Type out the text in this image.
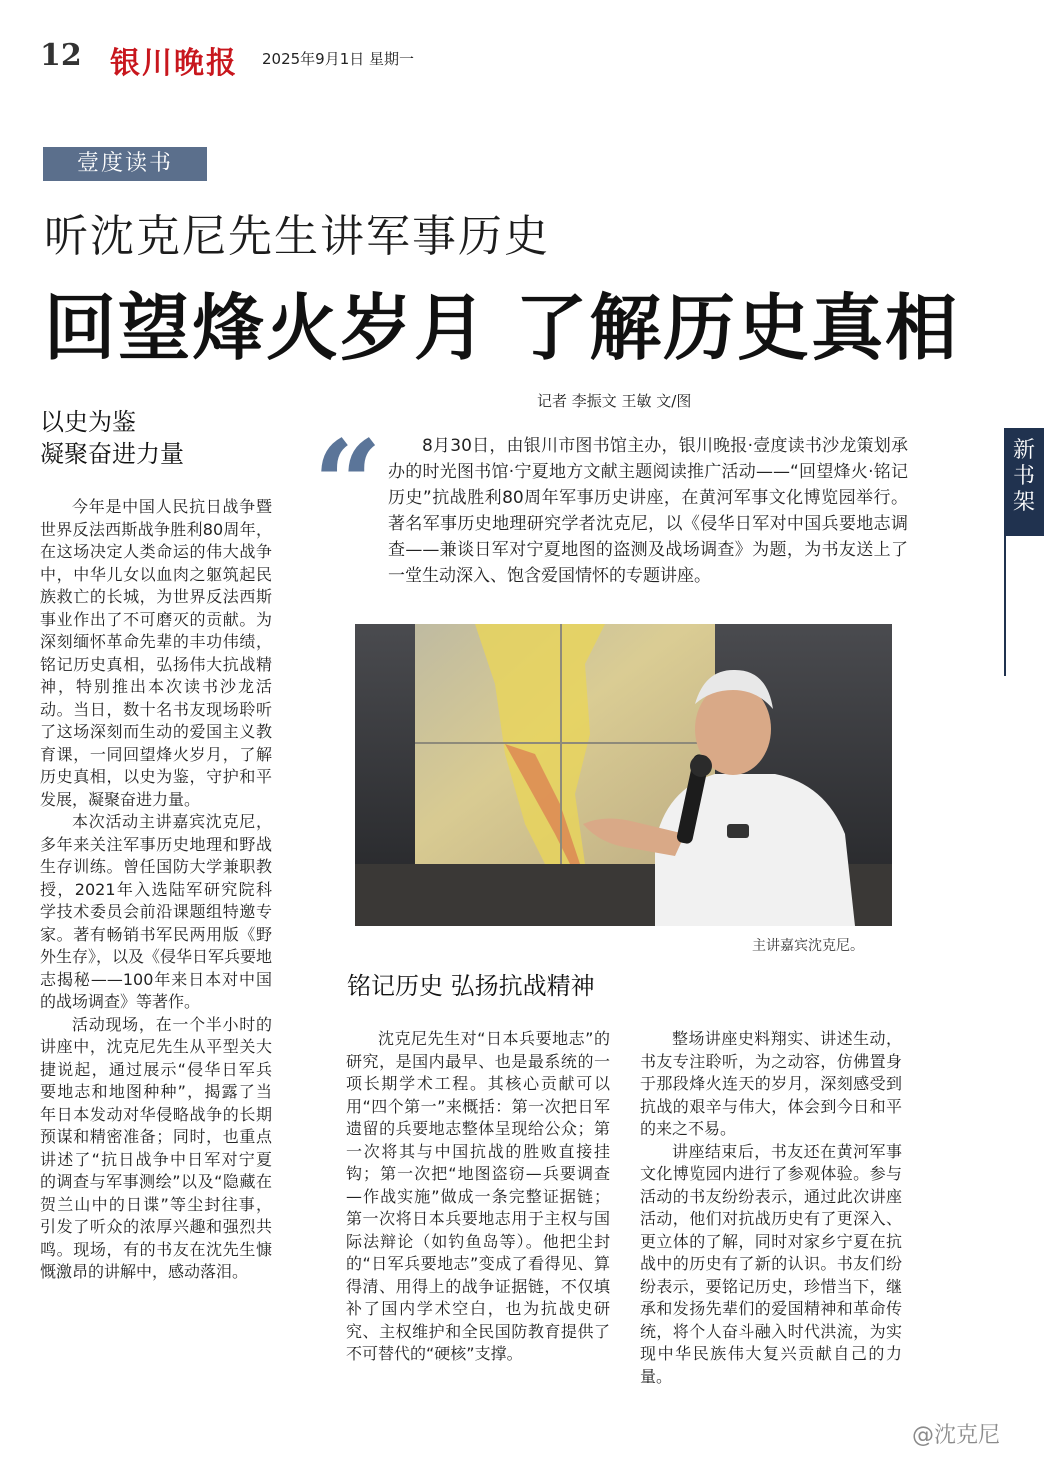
12 银川晚报 2025年9月1日 星期一
壹度读书
听沈克尼先生讲军事历史
回望烽火岁月 了解历史真相
以史为鉴
凝聚奋进力量
记者 李振文 王敏 文/图
“	8月30日，由银川市图书馆主办，银川晚报·壹度读书沙龙策划承办的时光图书馆·宁夏地方文献主题阅读推广活动——“回望烽火·铭记历史”抗战胜利80周年军事历史讲座，在黄河军事文化博览园举行。著名军事历史地理研究学者沈克尼，以《侵华日军对中国兵要地志调查——兼谈日军对宁夏地图的盗测及战场调查》为题，为书友送上了一堂生动深入、饱含爱国情怀的专题讲座。

新书架

今年是中国人民抗日战争暨世界反法西斯战争胜利80周年，在这场决定人类命运的伟大战争中，中华儿女以血肉之躯筑起民族救亡的长城，为世界反法西斯事业作出了不可磨灭的贡献。为深刻缅怀革命先辈的丰功伟绩，铭记历史真相，弘扬伟大抗战精神，特别推出本次读书沙龙活动。当日，数十名书友现场聆听了这场深刻而生动的爱国主义教育课，一同回望烽火岁月，了解历史真相，以史为鉴，守护和平发展，凝聚奋进力量。

本次活动主讲嘉宾沈克尼，多年来关注军事历史地理和野战生存训练。曾任国防大学兼职教授，2021年入选陆军研究院科学技术委员会前沿课题组特邀专家。著有畅销书军民两用版《野外生存》，以及《侵华日军兵要地志揭秘——100年来日本对中国的战场调查》等著作。

活动现场，在一个半小时的讲座中，沈克尼先生从平型关大捷说起，通过展示“侵华日军兵要地志和地图种种”，揭露了当年日本发动对华侵略战争的长期预谋和精密准备；同时，也重点讲述了“抗日战争中日军对宁夏的调查与军事测绘”以及“隐藏在贺兰山中的日谍”等尘封往事，引发了听众的浓厚兴趣和强烈共鸣。现场，有的书友在沈先生慷慨激昂的讲解中，感动落泪。

主讲嘉宾沈克尼。
铭记历史 弘扬抗战精神

沈克尼先生对“日本兵要地志”的研究，是国内最早、也是最系统的一项长期学术工程。其核心贡献可以用“四个第一”来概括：第一次把日军遗留的兵要地志整体呈现给公众；第一次将其与中国抗战的胜败直接挂钩；第一次把“地图盗窃—兵要调查—作战实施”做成一条完整证据链；第一次将日本兵要地志用于主权与国际法辩论（如钓鱼岛等）。他把尘封的“日军兵要地志”变成了看得见、算得清、用得上的战争证据链，不仅填补了国内学术空白，也为抗战史研究、主权维护和全民国防教育提供了不可替代的“硬核”支撑。

整场讲座史料翔实、讲述生动，书友专注聆听，为之动容，仿佛置身于那段烽火连天的岁月，深刻感受到抗战的艰辛与伟大，体会到今日和平的来之不易。

讲座结束后，书友还在黄河军事文化博览园内进行了参观体验。参与活动的书友纷纷表示，通过此次讲座活动，他们对抗战历史有了更深入、更立体的了解，同时对家乡宁夏在抗战中的历史有了新的认识。书友们纷纷表示，要铭记历史，珍惜当下，继承和发扬先辈们的爱国精神和革命传统，将个人奋斗融入时代洪流，为实现中华民族伟大复兴贡献自己的力量。

@沈克尼
